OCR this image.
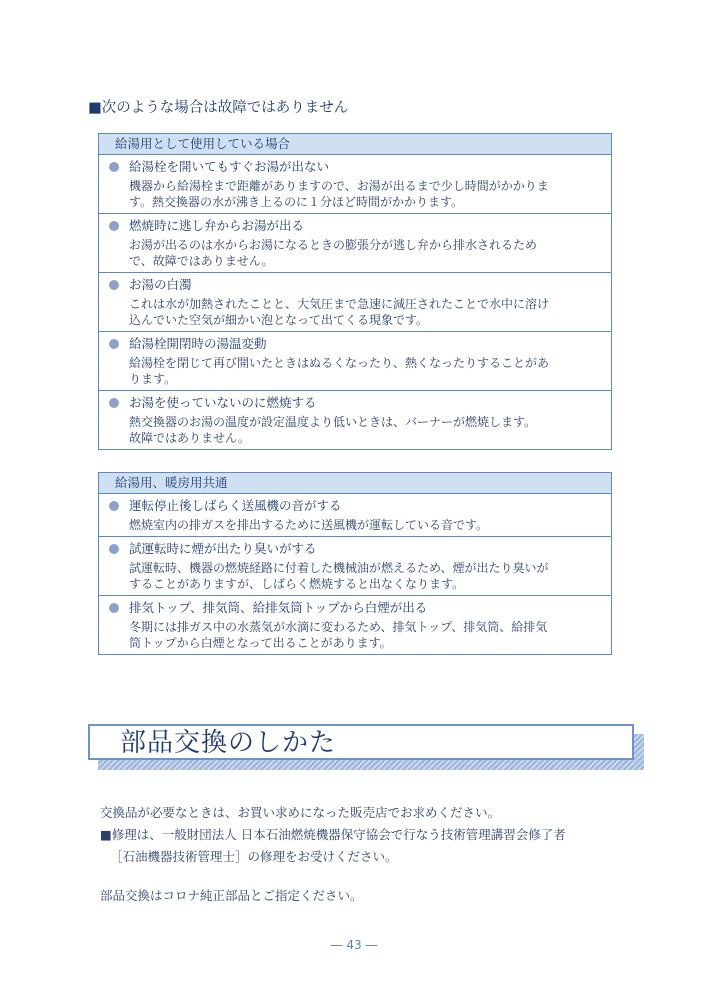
■次のような場合は故障ではありません
給湯用として使用している場合
給湯栓を開いてもすぐお湯が出ない
機器から給湯栓まで距離がありますので、お湯が出るまで少し時間がかかりま
す。熱交換器の水が沸き上るのに１分ほど時間がかかります。
燃焼時に逃し弁からお湯が出る
お湯が出るのは水からお湯になるときの膨張分が逃し弁から排水されるため
で、故障ではありません。
お湯の白濁
これは水が加熱されたことと、大気圧まで急速に減圧されたことで水中に溶け
込んでいた空気が細かい泡となって出てくる現象です。
給湯栓開閉時の湯温変動
給湯栓を閉じて再び開いたときはぬるくなったり、熱くなったりすることがあ
ります。
お湯を使っていないのに燃焼する
熱交換器のお湯の温度が設定温度より低いときは、バーナーが燃焼します。
故障ではありません。
給湯用、暖房用共通
運転停止後しばらく送風機の音がする
燃焼室内の排ガスを排出するために送風機が運転している音です。
試運転時に煙が出たり臭いがする
試運転時、機器の燃焼経路に付着した機械油が燃えるため、煙が出たり臭いが
することがありますが、しばらく燃焼すると出なくなります。
排気トップ、排気筒、給排気筒トップから白煙が出る
冬期には排ガス中の水蒸気が水滴に変わるため、排気トップ、排気筒、給排気
筒トップから白煙となって出ることがあります。
部品交換のしかた
交換品が必要なときは、お買い求めになった販売店でお求めください。
■修理は、一般財団法人 日本石油燃焼機器保守協会で行なう技術管理講習会修了者
［石油機器技術管理士］の修理をお受けください。
部品交換はコロナ純正部品とご指定ください。
― 43 ―
